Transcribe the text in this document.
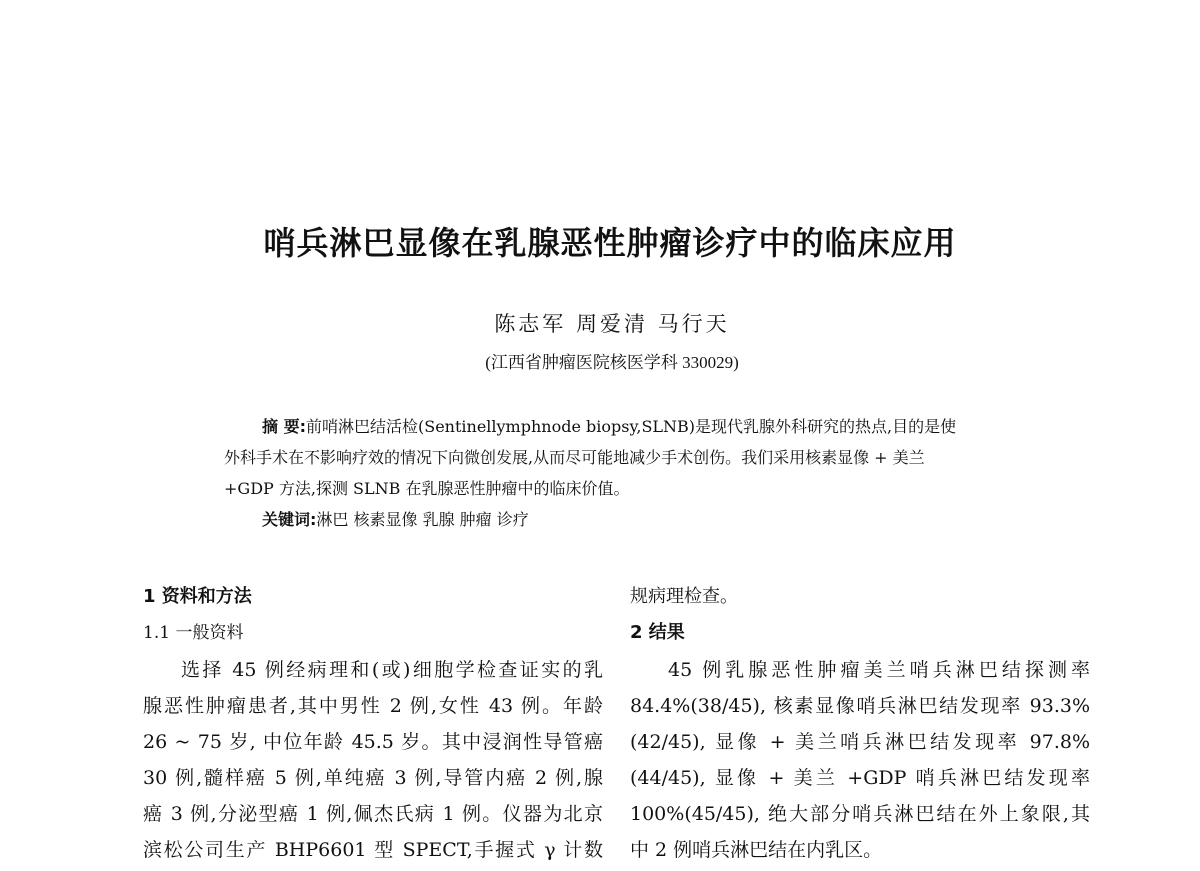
哨兵淋巴显像在乳腺恶性肿瘤诊疗中的临床应用
陈志军 周爱清 马行天
(江西省肿瘤医院核医学科 330029)
摘 要:前哨淋巴结活检(Sentinellymphnode biopsy,SLNB)是现代乳腺外科研究的热点,目的是使
外科手术在不影响疗效的情况下向微创发展,从而尽可能地减少手术创伤。我们采用核素显像 + 美兰
+GDP 方法,探测 SLNB 在乳腺恶性肿瘤中的临床价值。
关键词:淋巴 核素显像 乳腺 肿瘤 诊疗
1 资料和方法
1.1 一般资料
选择 45 例经病理和(或)细胞学检查证实的乳
腺恶性肿瘤患者,其中男性 2 例,女性 43 例。年龄
26 ~ 75 岁, 中位年龄 45.5 岁。其中浸润性导管癌
30 例,髓样癌 5 例,单纯癌 3 例,导管内癌 2 例,腺
癌 3 例,分泌型癌 1 例,佩杰氏病 1 例。仪器为北京
滨松公司生产 BHP6601 型 SPECT,手握式 γ 计数
规病理检查。
2 结果
45 例乳腺恶性肿瘤美兰哨兵淋巴结探测率
84.4%(38/45), 核素显像哨兵淋巴结发现率 93.3%
(42/45), 显像 + 美兰哨兵淋巴结发现率 97.8%
(44/45), 显像 + 美兰 +GDP 哨兵淋巴结发现率
100%(45/45), 绝大部分哨兵淋巴结在外上象限,其
中 2 例哨兵淋巴结在内乳区。
